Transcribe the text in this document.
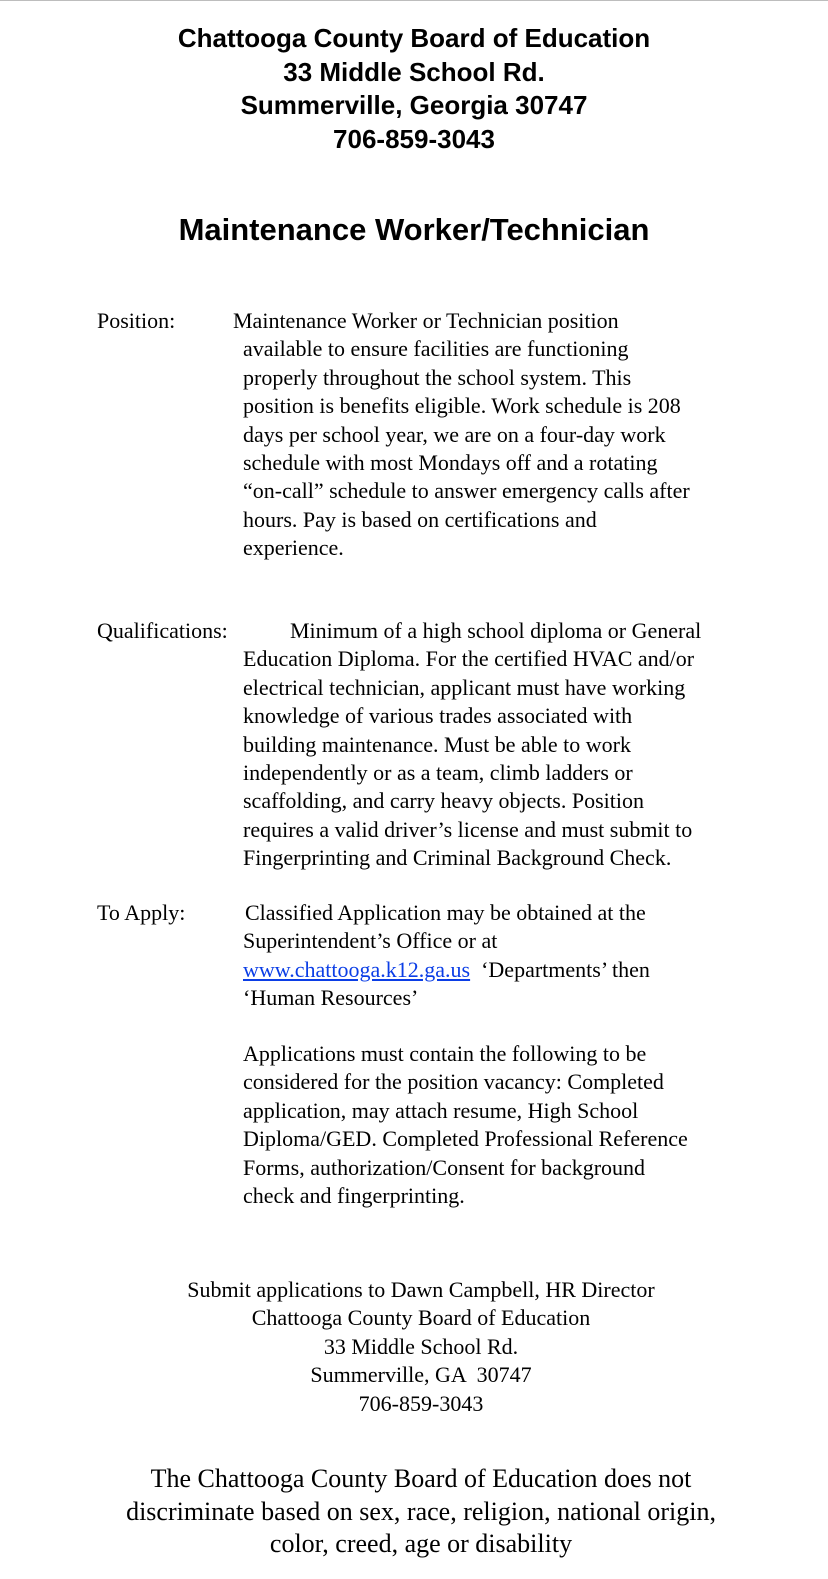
Chattooga County Board of Education
33 Middle School Rd.
Summerville, Georgia 30747
706-859-3043
Maintenance Worker/Technician
Position:	Maintenance Worker or Technician position
available to ensure facilities are functioning
properly throughout the school system. This
position is benefits eligible. Work schedule is 208
days per school year, we are on a four-day work
schedule with most Mondays off and a rotating
“on-call” schedule to answer emergency calls after
hours. Pay is based on certifications and
experience.
Qualifications:	Minimum of a high school diploma or General
Education Diploma. For the certified HVAC and/or
electrical technician, applicant must have working
knowledge of various trades associated with
building maintenance. Must be able to work
independently or as a team, climb ladders or
scaffolding, and carry heavy objects. Position
requires a valid driver’s license and must submit to
Fingerprinting and Criminal Background Check.
To Apply:	Classified Application may be obtained at the
Superintendent’s Office or at
www.chattooga.k12.ga.us  ‘Departments’ then
‘Human Resources’
Applications must contain the following to be
considered for the position vacancy: Completed
application, may attach resume, High School
Diploma/GED. Completed Professional Reference
Forms, authorization/Consent for background
check and fingerprinting.
Submit applications to Dawn Campbell, HR Director
Chattooga County Board of Education
33 Middle School Rd.
Summerville, GA  30747
706-859-3043
The Chattooga County Board of Education does not
discriminate based on sex, race, religion, national origin,
color, creed, age or disability
